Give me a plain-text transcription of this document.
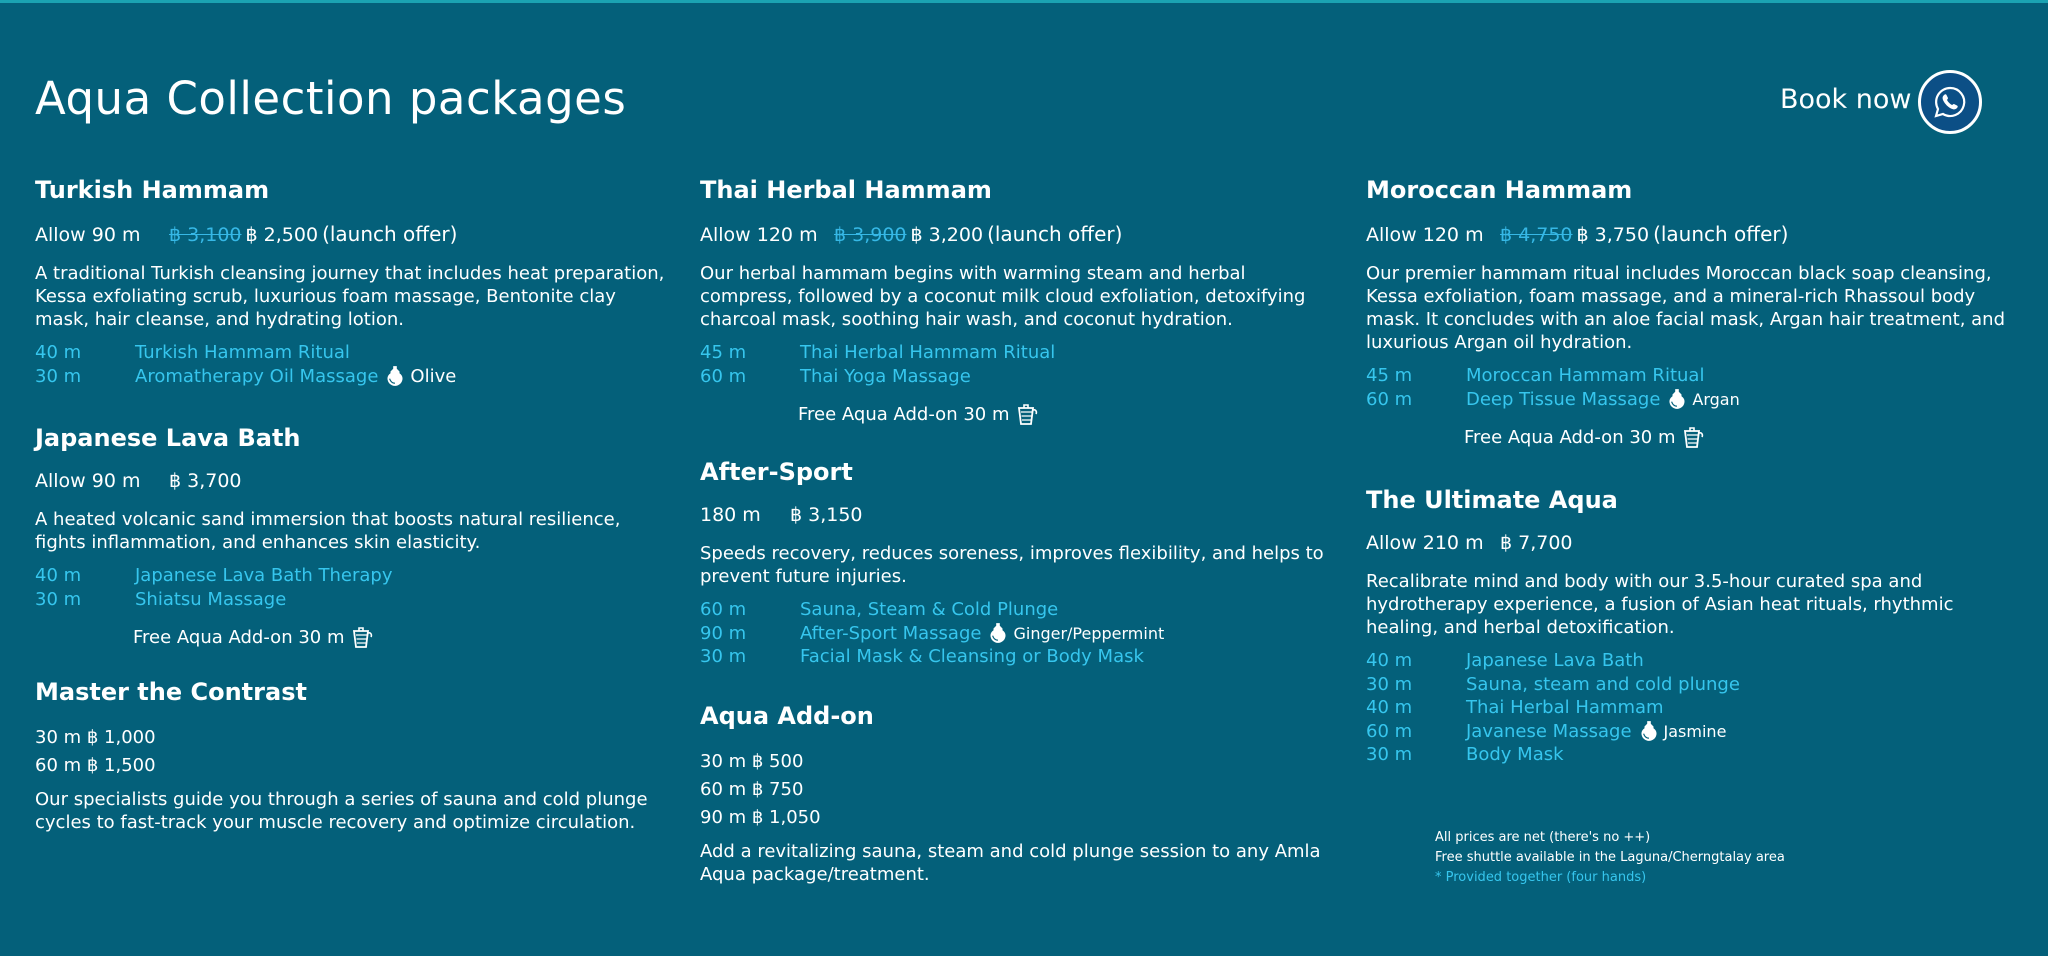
Aqua Collection packages	Book now
Turkish Hammam
Allow 90 m	฿ 3,100 ฿ 2,500 (launch offer)

A traditional Turkish cleansing journey that includes heat preparation, Kessa exfoliating scrub, luxurious foam massage, Bentonite clay mask, hair cleanse, and hydrating lotion.

40 m	Turkish Hammam Ritual
30 m	Aromatherapy Oil Massage Olive
Japanese Lava Bath
Allow 90 m	฿ 3,700

A heated volcanic sand immersion that boosts natural resilience, fights inflammation, and enhances skin elasticity.

40 m	Japanese Lava Bath Therapy
30 m	Shiatsu Massage
Free Aqua Add-on 30 m
Master the Contrast
30 m ฿ 1,000
60 m ฿ 1,500

Our specialists guide you through a series of sauna and cold plunge cycles to fast-track your muscle recovery and optimize circulation.

Thai Herbal Hammam
Allow 120 m ฿ 3,900 ฿ 3,200 (launch offer)

Our herbal hammam begins with warming steam and herbal compress, followed by a coconut milk cloud exfoliation, detoxifying charcoal mask, soothing hair wash, and coconut hydration.

45 m	Thai Herbal Hammam Ritual
60 m	Thai Yoga Massage
Free Aqua Add-on 30 m
After-Sport
180 m	฿ 3,150

Speeds recovery, reduces soreness, improves flexibility, and helps to prevent future injuries.

60 m	Sauna, Steam & Cold Plunge
90 m	After-Sport Massage Ginger/Peppermint
30 m	Facial Mask & Cleansing or Body Mask
Aqua Add-on
30 m ฿ 500
60 m ฿ 750
90 m ฿ 1,050

Add a revitalizing sauna, steam and cold plunge session to any Amla Aqua package/treatment.

Moroccan Hammam
Allow 120 m ฿ 4,750 ฿ 3,750 (launch offer)

Our premier hammam ritual includes Moroccan black soap cleansing, Kessa exfoliation, foam massage, and a mineral-rich Rhassoul body mask. It concludes with an aloe facial mask, Argan hair treatment, and luxurious Argan oil hydration.

45 m	Moroccan Hammam Ritual
60 m	Deep Tissue Massage Argan
Free Aqua Add-on 30 m
The Ultimate Aqua
Allow 210 m ฿ 7,700

Recalibrate mind and body with our 3.5-hour curated spa and hydrotherapy experience, a fusion of Asian heat rituals, rhythmic healing, and herbal detoxification.

40 m	Japanese Lava Bath
30 m	Sauna, steam and cold plunge
40 m	Thai Herbal Hammam
60 m	Javanese Massage Jasmine
30 m	Body Mask
All prices are net (there's no ++)
Free shuttle available in the Laguna/Cherngtalay area
* Provided together (four hands)
